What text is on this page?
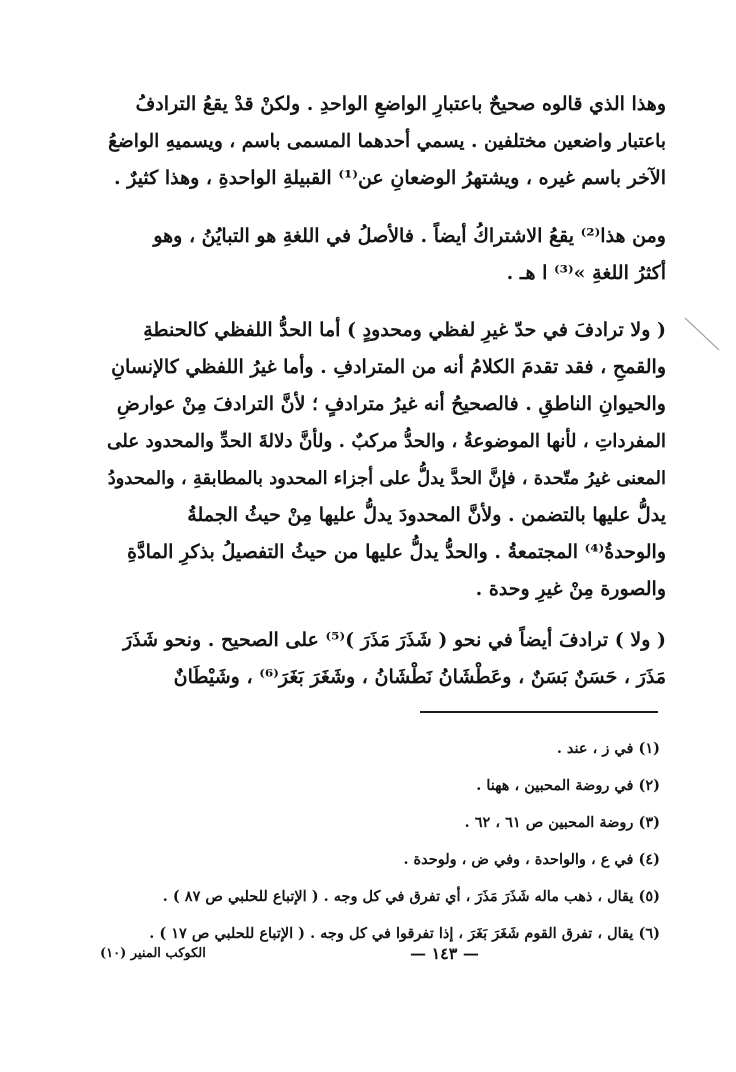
وهذا الذي قالوه صحيحٌ باعتبارِ الواضعِ الواحدِ . ولكنْ قدْ يقعُ الترادفُ
باعتبار واضعين مختلفين . يسمي أحدهما المسمى باسم ، ويسميهِ الواضعُ
الآخر باسم غيره ، ويشتهرُ الوضعانِ عن⁽¹⁾ القبيلةِ الواحدةِ ، وهذا كثيرٌ .
ومن هذا⁽²⁾ يقعُ الاشتراكُ أيضاً . فالأصلُ في اللغةِ هو التبايُنُ ، وهو
أكثرُ اللغةِ »⁽³⁾ ا هـ .
( ولا ترادفَ في حدّ غيرِ لفظي ومحدودٍ ) أما الحدُّ اللفظي كالحنطةِ
والقمحِ ، فقد تقدمَ الكلامُ أنه من المترادفِ . وأما غيرُ اللفظي كالإنسانِ
والحيوانِ الناطقِ . فالصحيحُ أنه غيرُ مترادفٍ ؛ لأنَّ الترادفَ مِنْ عوارضِ
المفرداتِ ، لأنها الموضوعةُ ، والحدُّ مركبٌ . ولأنَّ دلالةَ الحدِّ والمحدود على
المعنى غيرُ متّحدة ، فإنَّ الحدَّ يدلُّ على أجزاء المحدود بالمطابقةِ ، والمحدودُ
يدلُّ عليها بالتضمن . ولأنَّ المحدودَ يدلُّ عليها مِنْ حيثُ الجملةُ
والوحدةُ⁽⁴⁾ المجتمعةُ . والحدُّ يدلُّ عليها من حيثُ التفصيلُ بذكرِ المادَّةِ
والصورة مِنْ غيرِ وحدة .
( ولا ) ترادفَ أيضاً في نحو ( شَذَرَ مَذَرَ )⁽⁵⁾ على الصحيح . ونحو شَذَرَ
مَذَرَ ، حَسَنٌ بَسَنٌ ، وعَطْشَانُ نَطْشَانُ ، وشَغَرَ بَغَرَ⁽⁶⁾ ، وشَيْطَانٌ
(١) في ز ، عند .
(٢) في روضة المحبين ، ههنا .
(٣) روضة المحبين ص ٦١ ، ٦٢ .
(٤) في ع ، والواحدة ، وفي ض ، ولوحدة .
(٥) يقال ، ذهب ماله شَذَرَ مَذَرَ ، أي تفرق في كل وجه . ( الإتباع للحلبي ص ٨٧ ) .
(٦) يقال ، تفرق القوم شَغَرَ بَغَرَ ، إذا تفرقوا في كل وجه . ( الإتباع للحلبي ص ١٧ ) .
— ١٤٣ —
الكوكب المنير (١٠)
